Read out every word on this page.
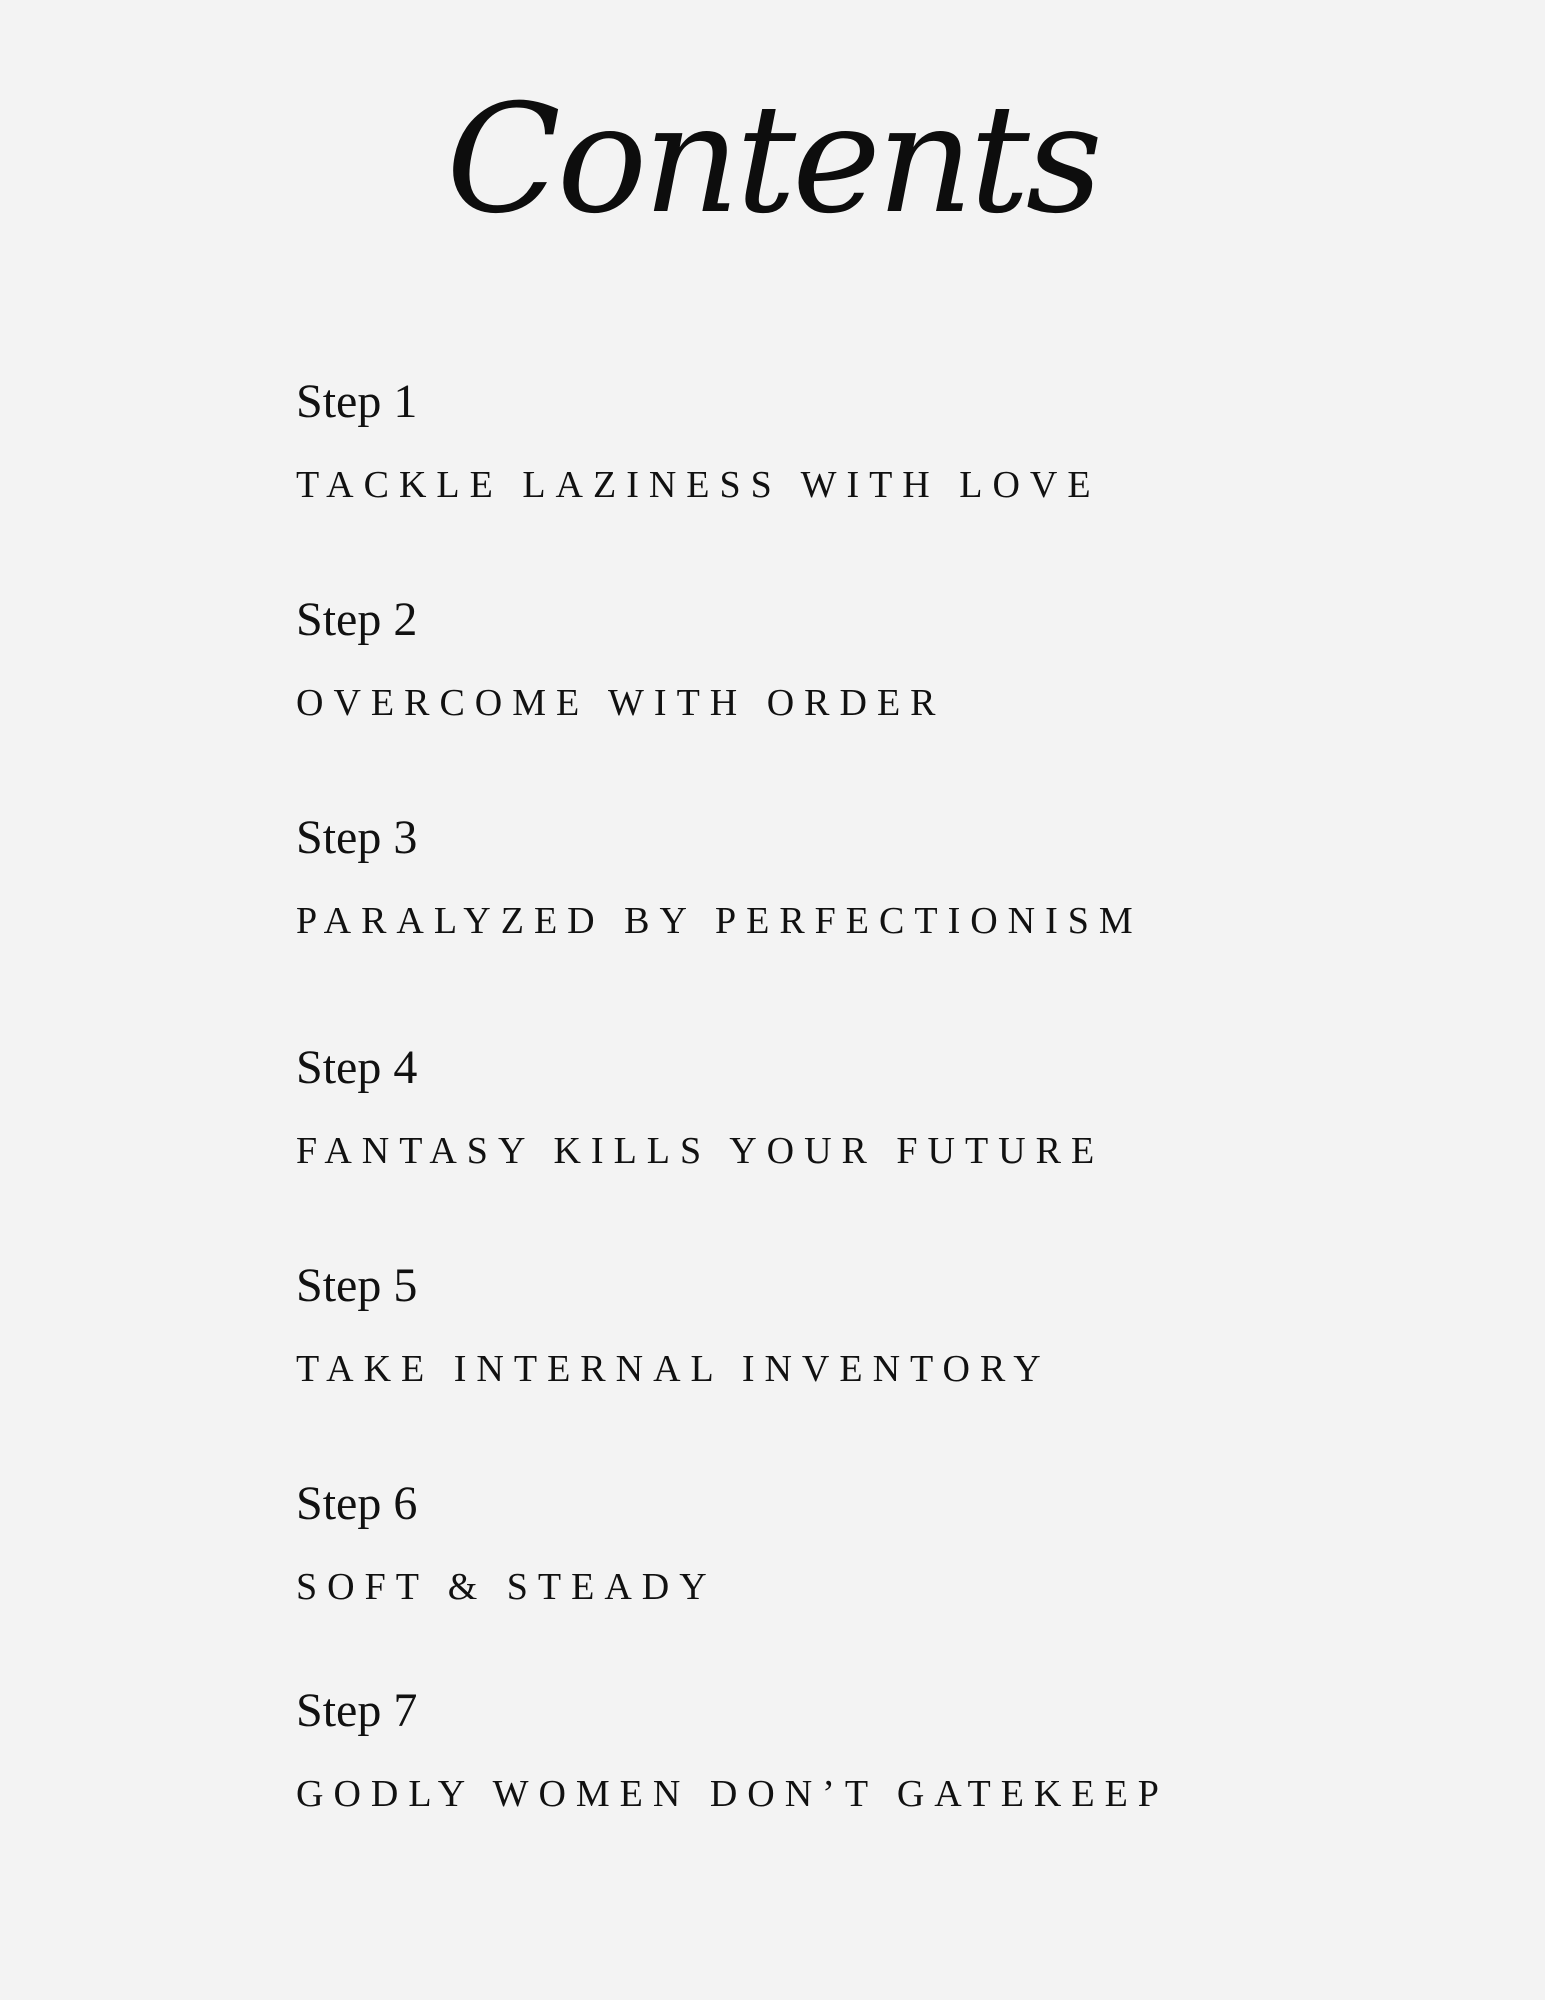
Contents
Step 1
TACKLE LAZINESS WITH LOVE
Step 2
OVERCOME WITH ORDER
Step 3
PARALYZED BY PERFECTIONISM
Step 4
FANTASY KILLS YOUR FUTURE
Step 5
TAKE INTERNAL INVENTORY
Step 6
SOFT & STEADY
Step 7
GODLY WOMEN DON’T GATEKEEP
